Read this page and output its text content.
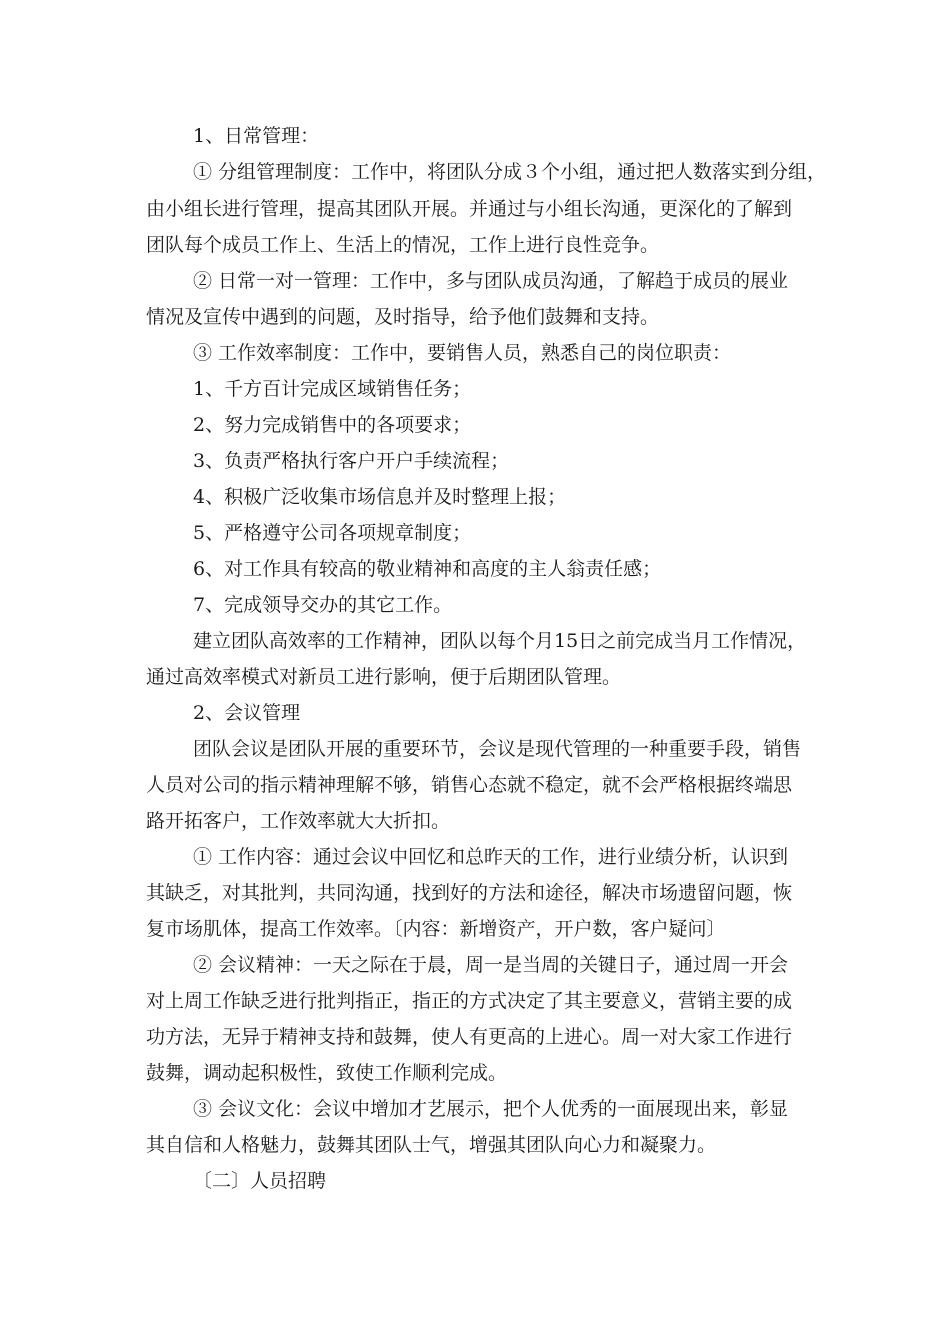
1、日常管理：
① 分组管理制度：工作中，将团队分成３个小组，通过把人数落实到分组，
由小组长进行管理，提高其团队开展。并通过与小组长沟通，更深化的了解到
团队每个成员工作上、生活上的情况，工作上进行良性竞争。
② 日常一对一管理：工作中，多与团队成员沟通，了解趋于成员的展业
情况及宣传中遇到的问题，及时指导，给予他们鼓舞和支持。
③ 工作效率制度：工作中，要销售人员，熟悉自己的岗位职责：
1、千方百计完成区域销售任务；
2、努力完成销售中的各项要求；
3、负责严格执行客户开户手续流程；
4、积极广泛收集市场信息并及时整理上报；
5、严格遵守公司各项规章制度；
6、对工作具有较高的敬业精神和高度的主人翁责任感；
7、完成领导交办的其它工作。
建立团队高效率的工作精神，团队以每个月15日之前完成当月工作情况，
通过高效率模式对新员工进行影响，便于后期团队管理。
2、会议管理
团队会议是团队开展的重要环节，会议是现代管理的一种重要手段，销售
人员对公司的指示精神理解不够，销售心态就不稳定，就不会严格根据终端思
路开拓客户，工作效率就大大折扣。
① 工作内容：通过会议中回忆和总昨天的工作，进行业绩分析，认识到
其缺乏，对其批判，共同沟通，找到好的方法和途径，解决市场遗留问题，恢
复市场肌体，提高工作效率。〔内容：新增资产，开户数，客户疑问〕
② 会议精神：一天之际在于晨，周一是当周的关键日子，通过周一开会
对上周工作缺乏进行批判指正，指正的方式决定了其主要意义，营销主要的成
功方法，无异于精神支持和鼓舞，使人有更高的上进心。周一对大家工作进行
鼓舞，调动起积极性，致使工作顺利完成。
③ 会议文化：会议中增加才艺展示，把个人优秀的一面展现出来，彰显
其自信和人格魅力，鼓舞其团队士气，增强其团队向心力和凝聚力。
〔二〕人员招聘
